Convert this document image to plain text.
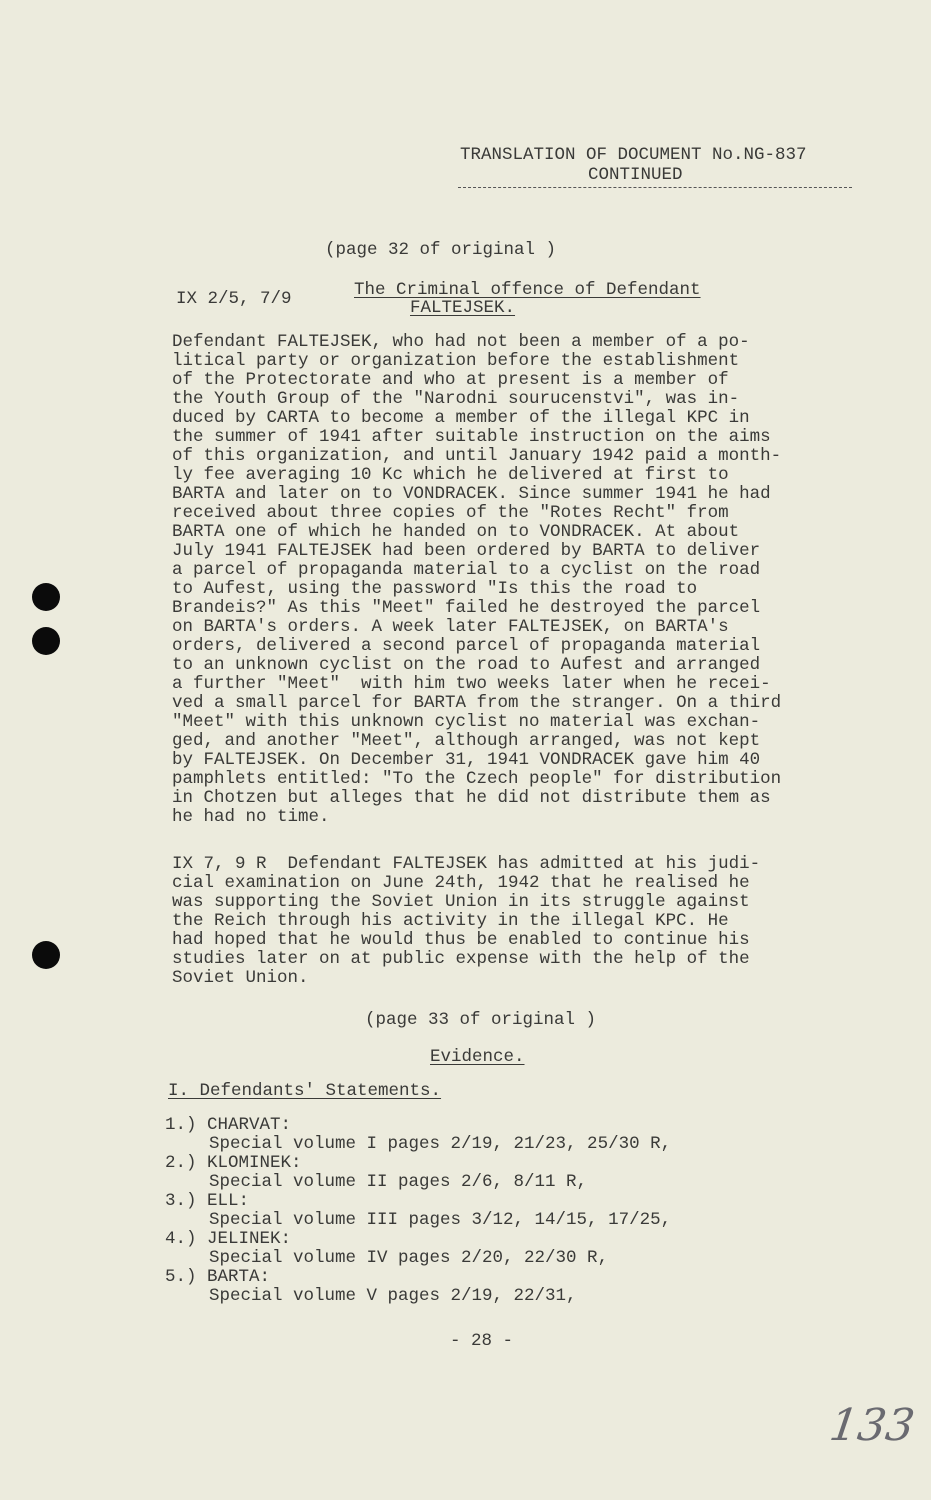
TRANSLATION OF DOCUMENT No.NG-837
CONTINUED
(page 32 of original )
IX 2/5, 7/9	The Criminal offence of Defendant
FALTEJSEK.
Defendant FALTEJSEK, who had not been a member of a po-
litical party or organization before the establishment
of the Protectorate and who at present is a member of
the Youth Group of the "Narodni sourucenstvi", was in-
duced by CARTA to become a member of the illegal KPC in
the summer of 1941 after suitable instruction on the aims
of this organization, and until January 1942 paid a month-
ly fee averaging 10 Kc which he delivered at first to
BARTA and later on to VONDRACEK. Since summer 1941 he had
received about three copies of the "Rotes Recht" from
BARTA one of which he handed on to VONDRACEK. At about
July 1941 FALTEJSEK had been ordered by BARTA to deliver
a parcel of propaganda material to a cyclist on the road
to Aufest, using the password "Is this the road to
Brandeis?" As this "Meet" failed he destroyed the parcel
on BARTA's orders. A week later FALTEJSEK, on BARTA's
orders, delivered a second parcel of propaganda material
to an unknown cyclist on the road to Aufest and arranged
a further "Meet"  with him two weeks later when he recei-
ved a small parcel for BARTA from the stranger. On a third
"Meet" with this unknown cyclist no material was exchan-
ged, and another "Meet", although arranged, was not kept
by FALTEJSEK. On December 31, 1941 VONDRACEK gave him 40
pamphlets entitled: "To the Czech people" for distribution
in Chotzen but alleges that he did not distribute them as
he had no time.
IX 7, 9 R  Defendant FALTEJSEK has admitted at his judi-
cial examination on June 24th, 1942 that he realised he
was supporting the Soviet Union in its struggle against
the Reich through his activity in the illegal KPC. He
had hoped that he would thus be enabled to continue his
studies later on at public expense with the help of the
Soviet Union.
(page 33 of original )
Evidence.
I. Defendants' Statements.
1.) CHARVAT:
Special volume I pages 2/19, 21/23, 25/30 R,
2.) KLOMINEK:
Special volume II pages 2/6, 8/11 R,
3.) ELL:
Special volume III pages 3/12, 14/15, 17/25,
4.) JELINEK:
Special volume IV pages 2/20, 22/30 R,
5.) BARTA:
Special volume V pages 2/19, 22/31,
- 28 -
133
